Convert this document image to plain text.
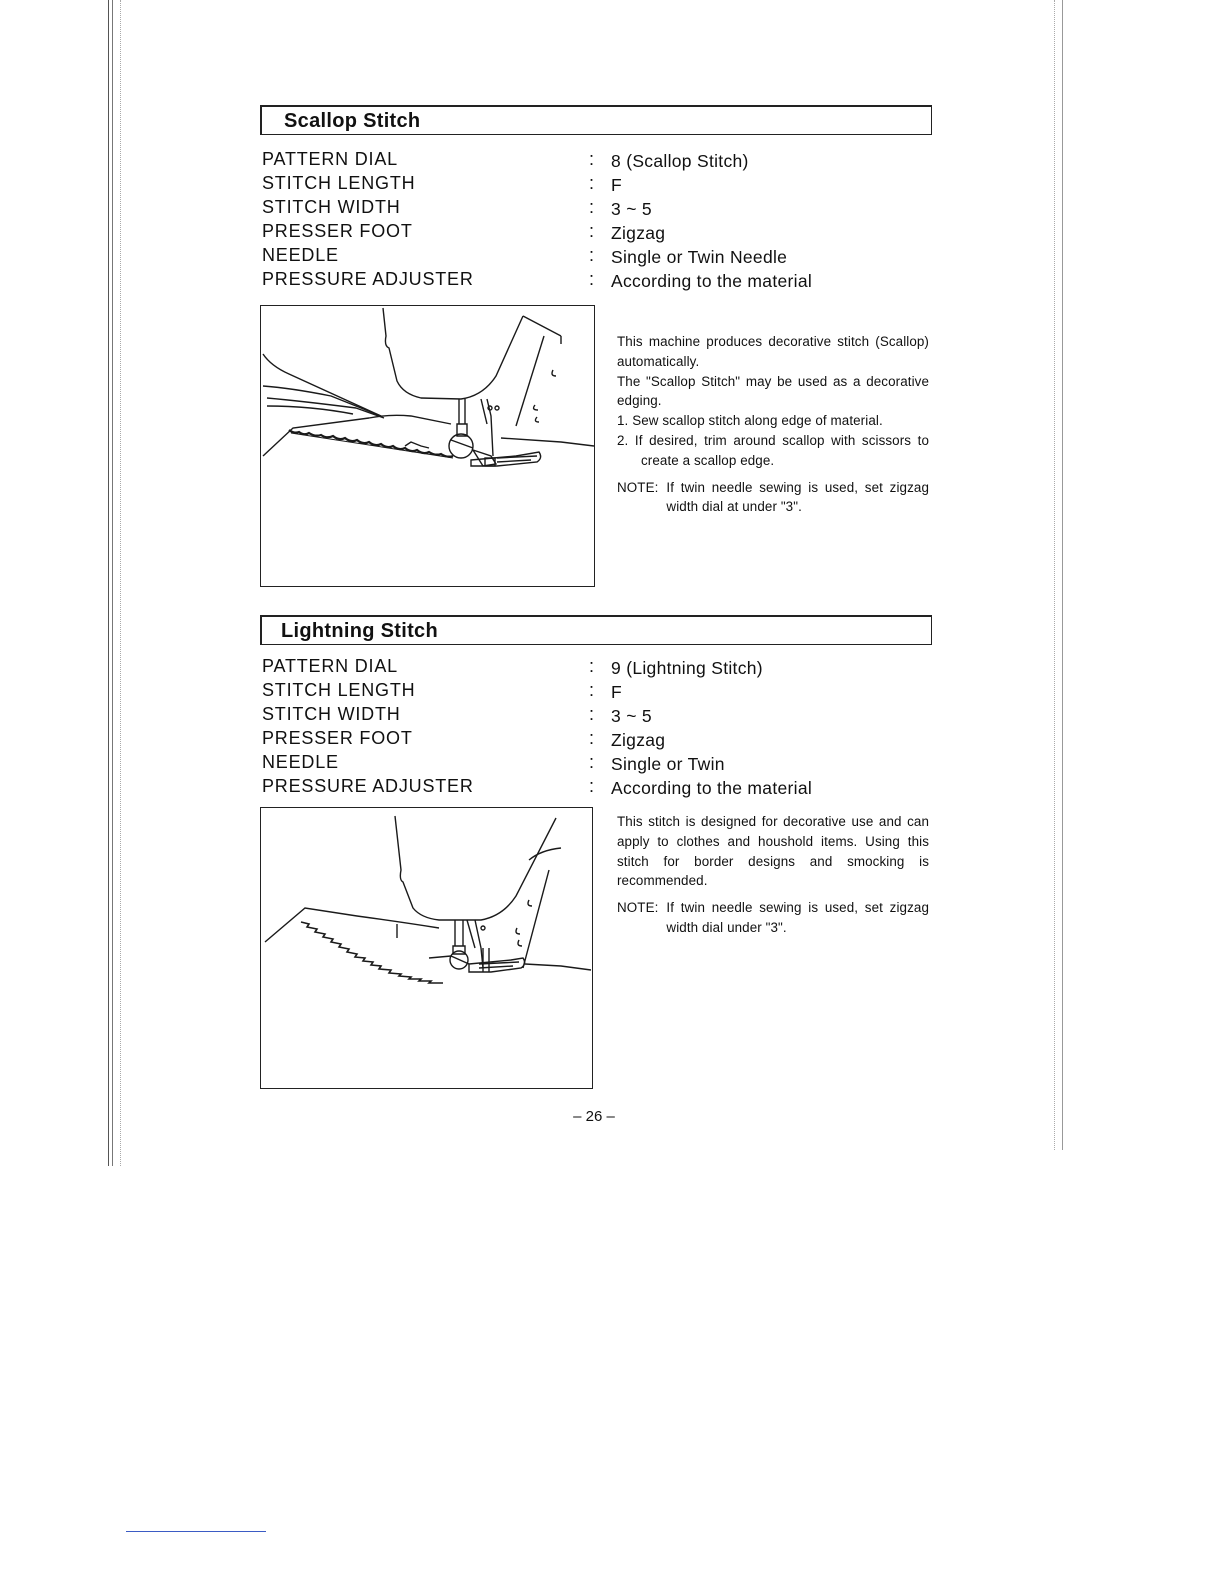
Scallop Stitch
PATTERN DIAL	: 8 (Scallop Stitch)
STITCH LENGTH	: F
STITCH WIDTH	: 3 ~ 5
PRESSER FOOT	: Zigzag
NEEDLE	: Single or Twin Needle
PRESSURE ADJUSTER	: According to the material

This machine produces decorative stitch (Scallop) automatically.

The "Scallop Stitch" may be used as a decorative edging.

1. Sew scallop stitch along edge of material.

2. If desired, trim around scallop with scissors to create a scallop edge.

NOTE: If twin needle sewing is used, set zigzag width dial at under "3".
Lightning Stitch
PATTERN DIAL	: 9 (Lightning Stitch)
STITCH LENGTH	: F
STITCH WIDTH	: 3 ~ 5
PRESSER FOOT	: Zigzag
NEEDLE	: Single or Twin
PRESSURE ADJUSTER	: According to the material

This stitch is designed for decorative use and can apply to clothes and houshold items. Using this stitch for border designs and smocking is recommended.

NOTE: If twin needle sewing is used, set zigzag width dial under "3".
– 26 –
